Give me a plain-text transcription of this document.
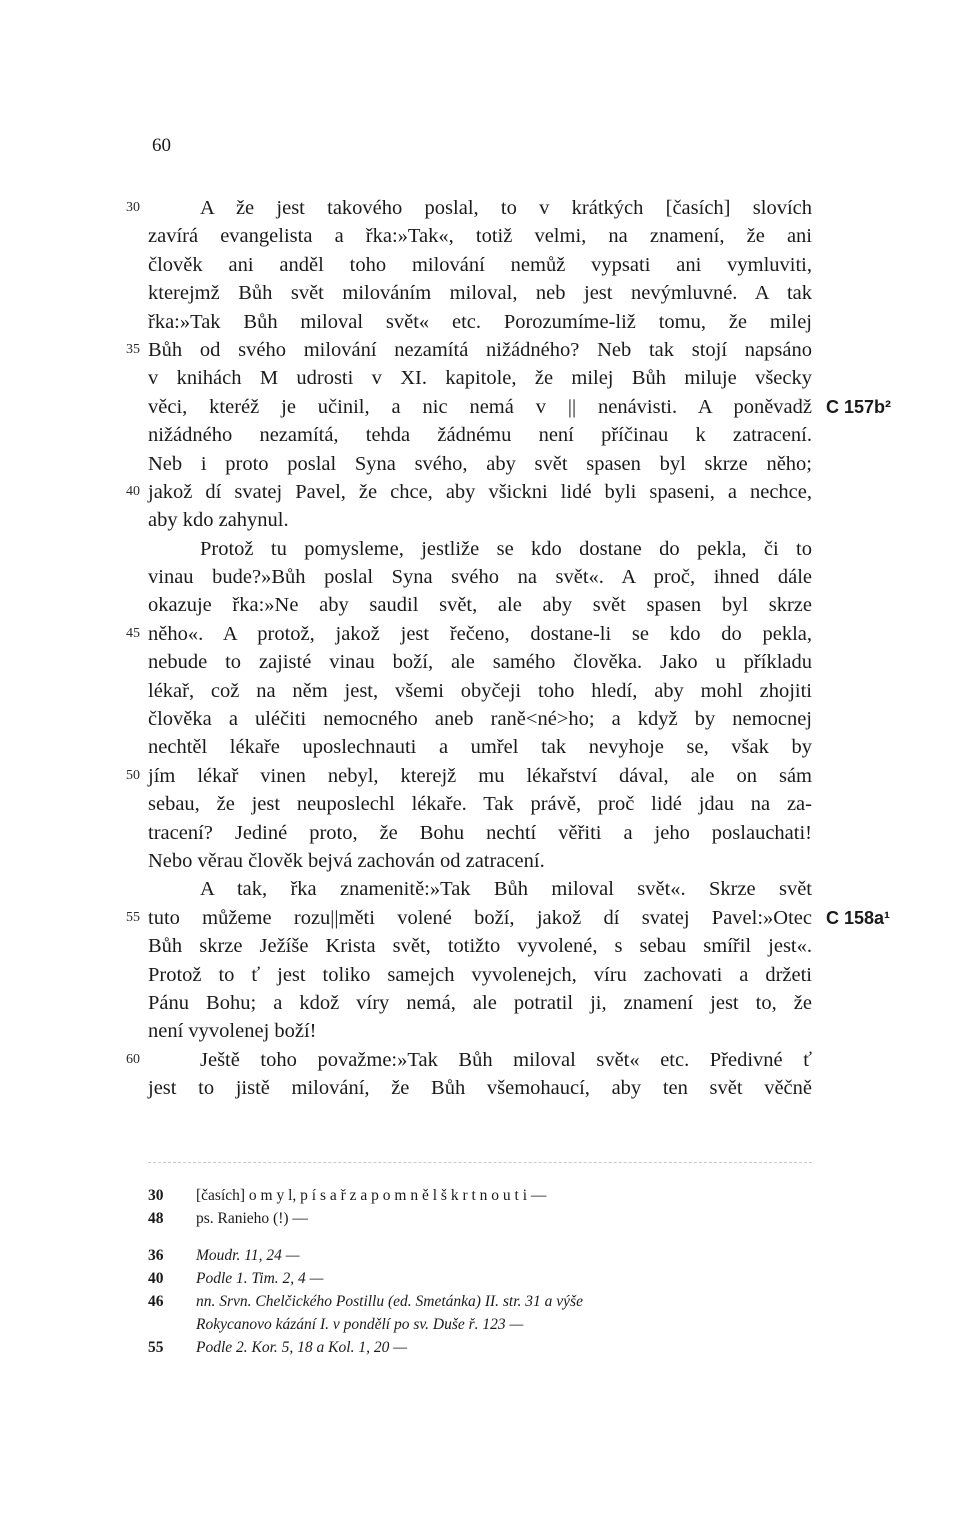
60
30	A že jest takového poslal, to v krátkých [časích] slovích
zavírá evangelista a řka:»Tak«, totiž velmi, na znamení, že ani
člověk ani anděl toho milování nemůž vypsati ani vymluviti,
kterejmž Bůh svět milováním miloval, neb jest nevýmluvné. A tak
řka:»Tak Bůh miloval svět« etc. Porozumíme-liž tomu, že milej
35 Bůh od svého milování nezamítá nižádného? Neb tak stojí napsáno
v knihách M udrosti v XI. kapitole, že milej Bůh miluje všecky
věci, kteréž je učinil, a nic nemá v || nenávisti. A poněvadž C 157b²
nižádného nezamítá, tehda žádnému není příčinau k zatracení.
Neb i proto poslal Syna svého, aby svět spasen byl skrze něho;
40 jakož dí svatej Pavel, že chce, aby všickni lidé byli spaseni, a nechce,
aby kdo zahynul.
Protož tu pomysleme, jestliže se kdo dostane do pekla, či to
vinau bude?»Bůh poslal Syna svého na svět«. A proč, ihned dále
okazuje řka:»Ne aby saudil svět, ale aby svět spasen byl skrze
45 něho«. A protož, jakož jest řečeno, dostane-li se kdo do pekla,
nebude to zajisté vinau boží, ale samého člověka. Jako u příkladu
lékař, což na něm jest, všemi obyčeji toho hledí, aby mohl zhojiti
člověka a uléčiti nemocného aneb raně<né>ho; a když by nemocnej
nechtěl lékaře uposlechnauti a umřel tak nevyhoje se, však by
50 jím lékař vinen nebyl, kterejž mu lékařství dával, ale on sám
sebau, že jest neuposlechl lékaře. Tak právě, proč lidé jdau na za-
tracení? Jediné proto, že Bohu nechtí věřiti a jeho poslauchati!
Nebo věrau člověk bejvá zachován od zatracení.
A tak, řka znamenitě:»Tak Bůh miloval svět«. Skrze svět
55 tuto můžeme rozu||měti volené boží, jakož dí svatej Pavel:»Otec C 158a¹
Bůh skrze Ježíše Krista svět, totižto vyvolené, s sebau smířil jest«.
Protož to ť jest toliko samejch vyvolenejch, víru zachovati a držeti
Pánu Bohu; a kdož víry nemá, ale potratil ji, znamení jest to, že
není vyvolenej boží!
60	Ještě toho považme:»Tak Bůh miloval svět« etc. Předivné ť
jest to jistě milování, že Bůh všemohaucí, aby ten svět věčně
30 [časích] o m y l, p í s a ř z a p o m n ě l š k r t n o u t i —
48 ps. Ranieho (!) —
36 Moudr. 11, 24 —
40 Podle 1. Tim. 2, 4 —
46 nn. Srvn. Chelčického Postillu (ed. Smetánka) II. str. 31 a výše
Rokycanovo kázání I. v pondělí po sv. Duše ř. 123 —
55 Podle 2. Kor. 5, 18 a Kol. 1, 20 —
